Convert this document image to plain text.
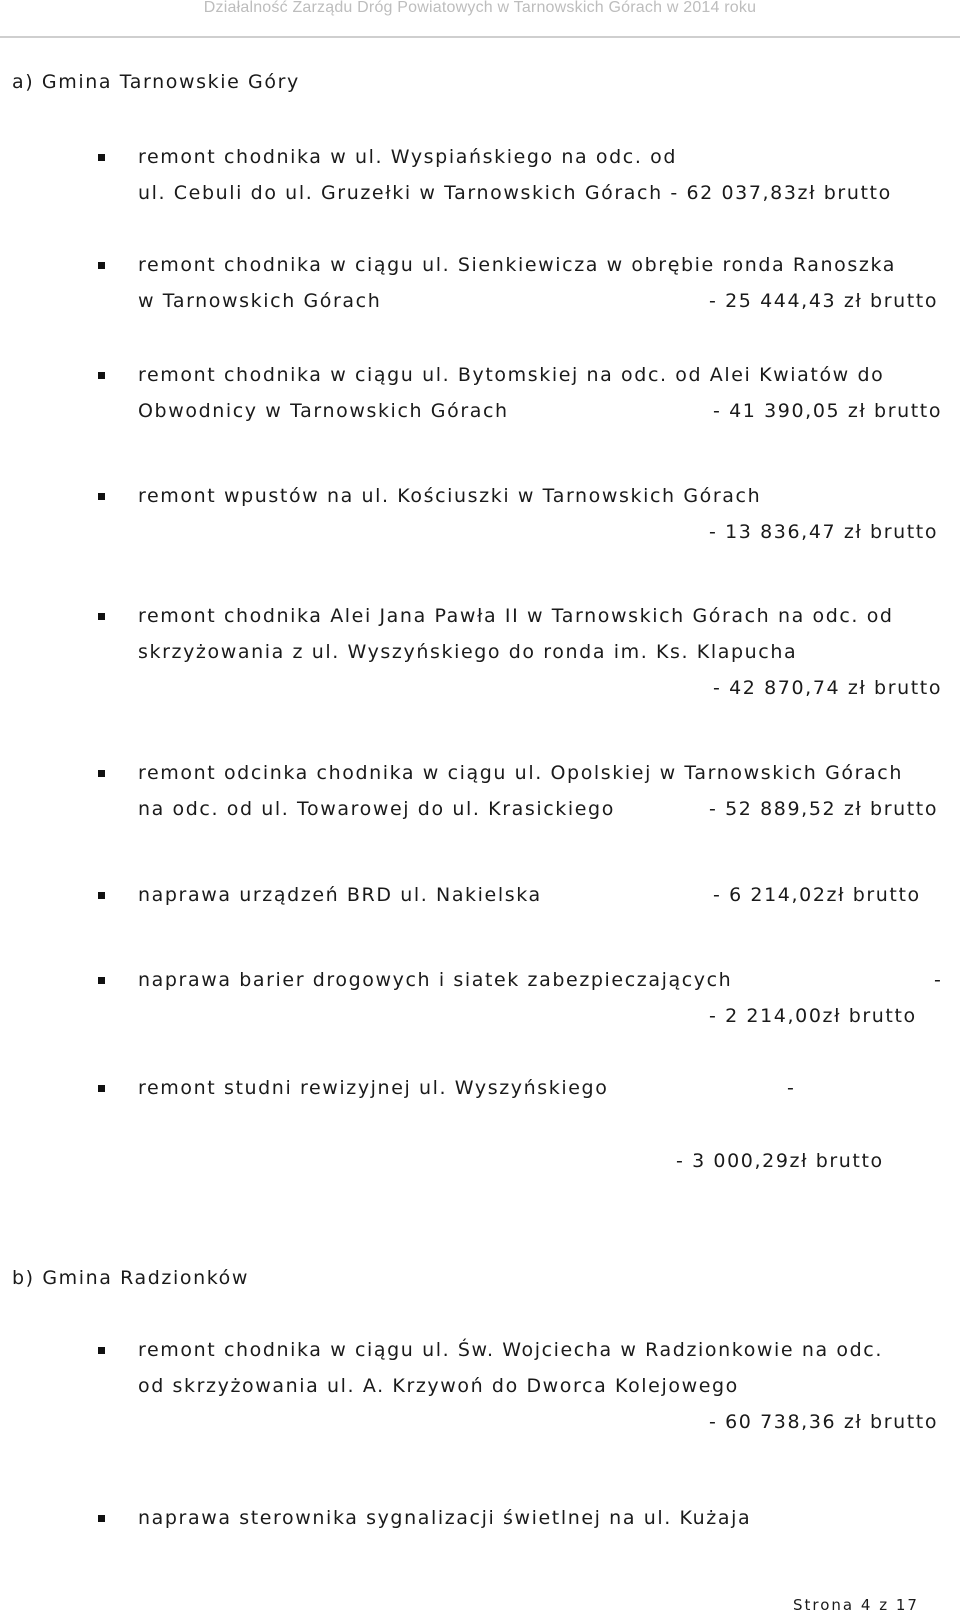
Działalność Zarządu Dróg Powiatowych w Tarnowskich Górach w 2014 roku
a) Gmina Tarnowskie Góry
remont chodnika w ul. Wyspiańskiego na odc. od
ul. Cebuli do ul. Gruzełki w Tarnowskich Górach - 62 037,83zł brutto
remont chodnika w ciągu ul. Sienkiewicza w obrębie ronda Ranoszka
w Tarnowskich Górach	- 25 444,43 zł brutto
remont chodnika w ciągu ul. Bytomskiej na odc. od Alei Kwiatów do
Obwodnicy w Tarnowskich Górach	- 41 390,05 zł brutto
remont wpustów na ul. Kościuszki w Tarnowskich Górach
- 13 836,47 zł brutto
remont chodnika Alei Jana Pawła II w Tarnowskich Górach na odc. od
skrzyżowania z ul. Wyszyńskiego do ronda im. Ks. Klapucha
- 42 870,74 zł brutto
remont odcinka chodnika w ciągu ul. Opolskiej w Tarnowskich Górach
na odc. od ul. Towarowej do ul. Krasickiego	- 52 889,52 zł brutto
naprawa urządzeń BRD ul. Nakielska	- 6 214,02zł brutto
naprawa barier drogowych i siatek zabezpieczających	-
- 2 214,00zł brutto
remont studni rewizyjnej ul. Wyszyńskiego	-
- 3 000,29zł brutto
b) Gmina Radzionków
remont chodnika w ciągu ul. Św. Wojciecha w Radzionkowie na odc.
od skrzyżowania ul. A. Krzywoń do Dworca Kolejowego
- 60 738,36 zł brutto
naprawa sterownika sygnalizacji świetlnej na ul. Kużaja
Strona 4 z 17
